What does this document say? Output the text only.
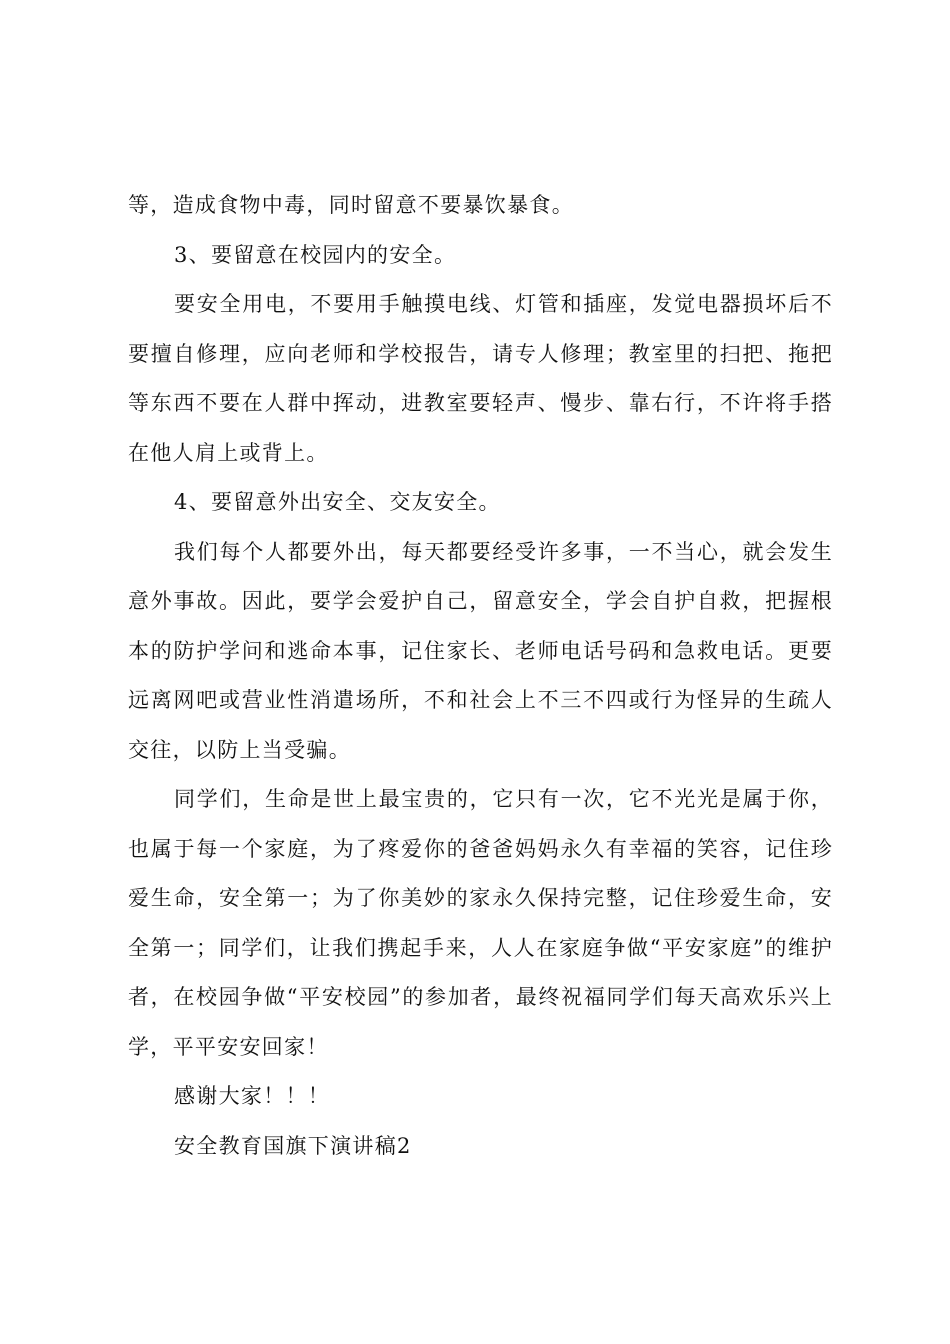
等，造成食物中毒，同时留意不要暴饮暴食。

3、要留意在校园内的安全。

要安全用电，不要用手触摸电线、灯管和插座，发觉电器损坏后不要擅自修理，应向老师和学校报告，请专人修理；教室里的扫把、拖把等东西不要在人群中挥动，进教室要轻声、慢步、靠右行，不许将手搭在他人肩上或背上。

4、要留意外出安全、交友安全。

我们每个人都要外出，每天都要经受许多事，一不当心，就会发生意外事故。因此，要学会爱护自己，留意安全，学会自护自救，把握根本的防护学问和逃命本事，记住家长、老师电话号码和急救电话。更要远离网吧或营业性消遣场所，不和社会上不三不四或行为怪异的生疏人交往，以防上当受骗。

同学们，生命是世上最宝贵的，它只有一次，它不光光是属于你，也属于每一个家庭，为了疼爱你的爸爸妈妈永久有幸福的笑容，记住珍爱生命，安全第一；为了你美妙的家永久保持完整，记住珍爱生命，安全第一；同学们，让我们携起手来，人人在家庭争做“平安家庭”的维护者，在校园争做“平安校园”的参加者，最终祝福同学们每天高欢乐兴上学，平平安安回家！

感谢大家！！！

安全教育国旗下演讲稿2
